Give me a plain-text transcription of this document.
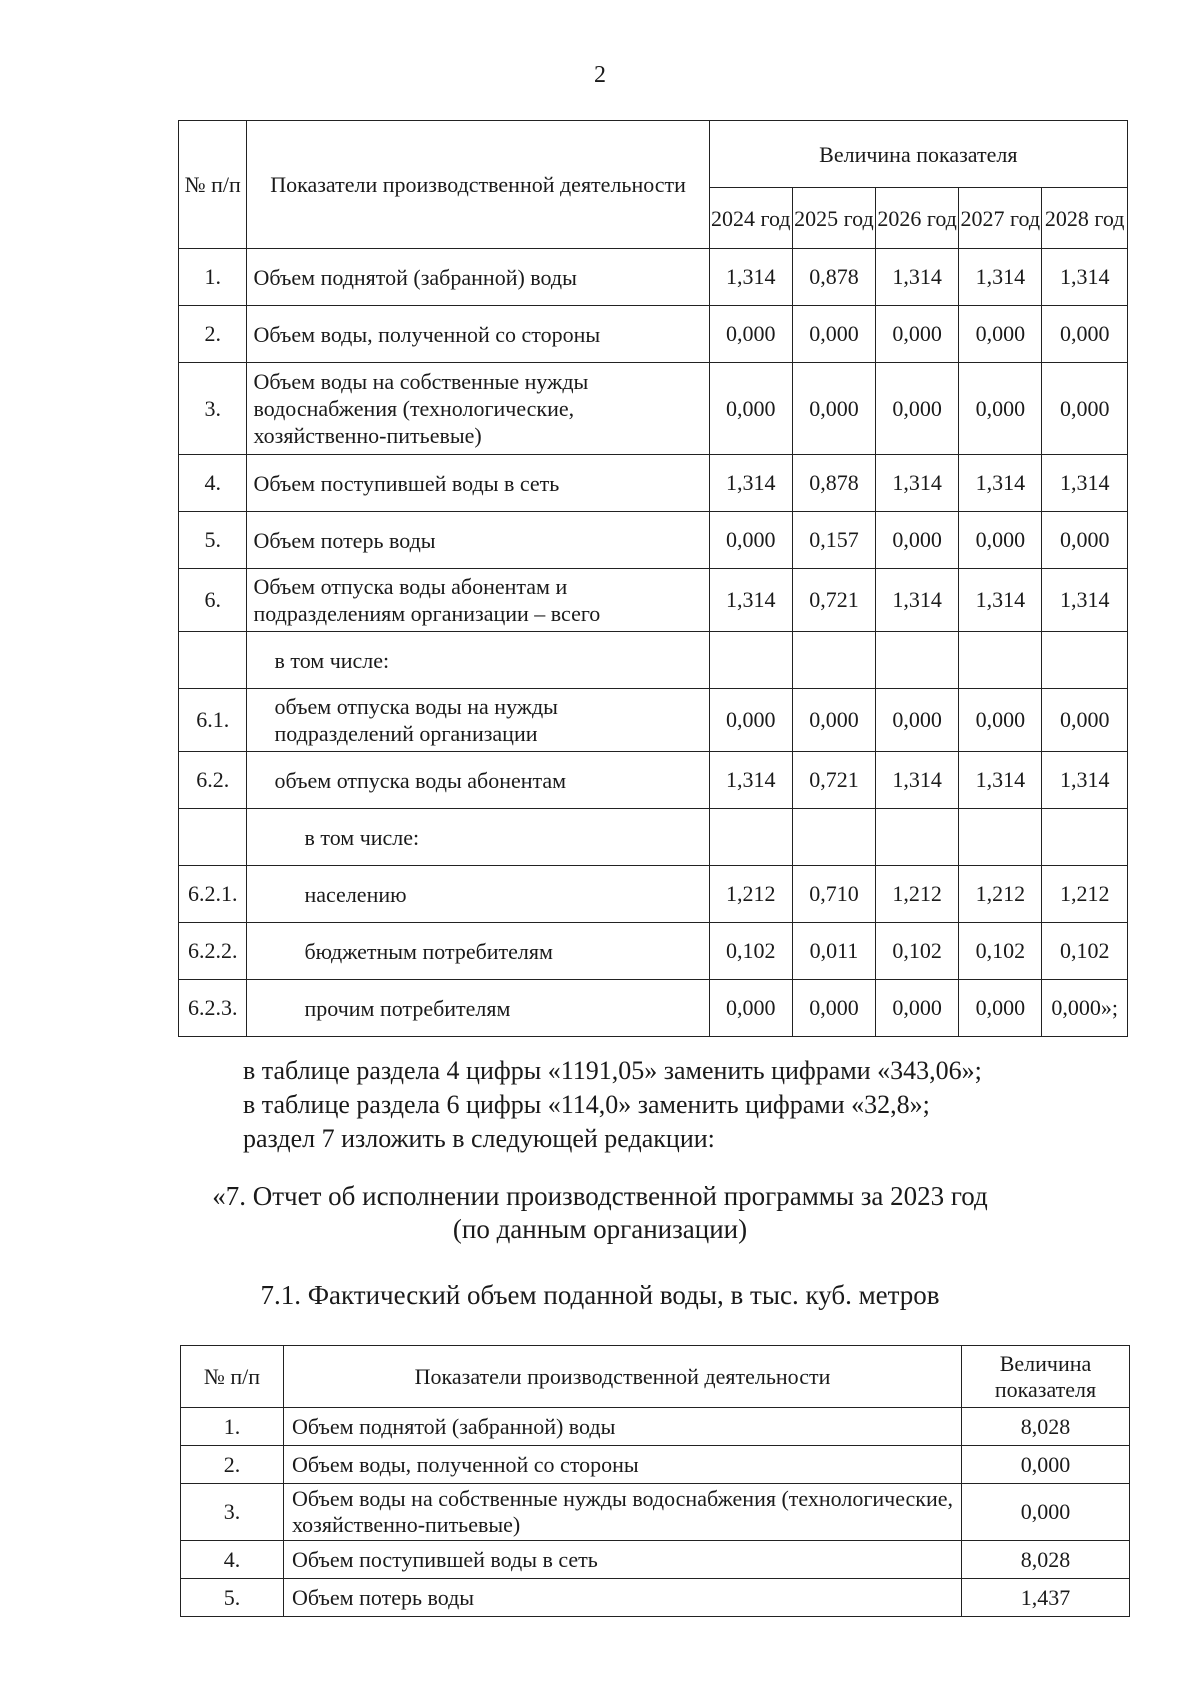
2
№ п/п	Показатели производственной деятельности	Величина показателя				
		2024 год	2025 год	2026 год	2027 год	2028 год
1.	Объем поднятой (забранной) воды	1,314	0,878	1,314	1,314	1,314
2.	Объем воды, полученной со стороны	0,000	0,000	0,000	0,000	0,000
3.	Объем воды на собственные нужды водоснабжения (технологические, хозяйственно-питьевые)	0,000	0,000	0,000	0,000	0,000
4.	Объем поступившей воды в сеть	1,314	0,878	1,314	1,314	1,314
5.	Объем потерь воды	0,000	0,157	0,000	0,000	0,000
6.	Объем отпуска воды абонентам и подразделениям организации – всего	1,314	0,721	1,314	1,314	1,314
	в том числе:					
6.1.	объем отпуска воды на нужды подразделений организации	0,000	0,000	0,000	0,000	0,000
6.2.	объем отпуска воды абонентам	1,314	0,721	1,314	1,314	1,314
	в том числе:					
6.2.1.	населению	1,212	0,710	1,212	1,212	1,212
6.2.2.	бюджетным потребителям	0,102	0,011	0,102	0,102	0,102
6.2.3.	прочим потребителям	0,000	0,000	0,000	0,000	0,000»;
в таблице раздела 4 цифры «1191,05» заменить цифрами «343,06»;
в таблице раздела 6 цифры «114,0» заменить цифрами «32,8»;
раздел 7 изложить в следующей редакции:
«7. Отчет об исполнении производственной программы за 2023 год
(по данным организации)
7.1. Фактический объем поданной воды, в тыс. куб. метров
№ п/п	Показатели производственной деятельности	Величина показателя
1.	Объем поднятой (забранной) воды	8,028
2.	Объем воды, полученной со стороны	0,000
3.	Объем воды на собственные нужды водоснабжения (технологические, хозяйственно-питьевые)	0,000
4.	Объем поступившей воды в сеть	8,028
5.	Объем потерь воды	1,437
